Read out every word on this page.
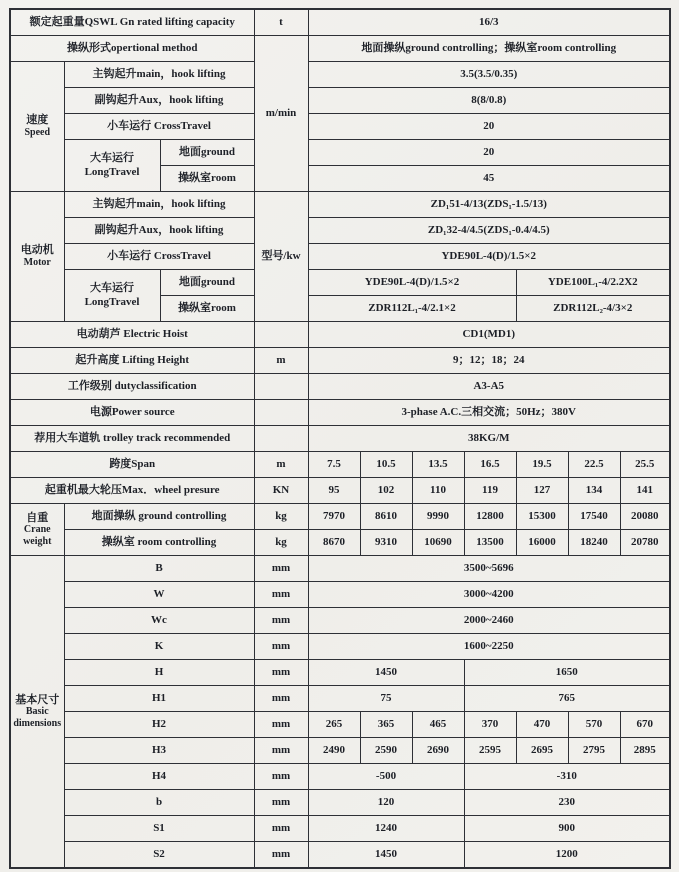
额定起重量QSWL Gn rated lifting capacity			t	16/3						
操纵形式opertional method			m/min	地面操纵ground controlling；操纵室room controlling						

速度
Speed	主钩起升main，hook lifting			3.5(3.5/0.35)						
	副钩起升Aux，hook lifting			8(8/0.8)						
	小车运行 CrossTravel			20						

	大车运行
LongTravel	地面ground		20						
		操纵室room		45						

电动机
Motor	主钩起升main，hook lifting		型号/kw	ZD₁51-4/13(ZDS₁-1.5/13)						
	副钩起升Aux，hook lifting			ZD₁32-4/4.5(ZDS₁-0.4/4.5)						
	小车运行 CrossTravel			YDE90L-4(D)/1.5×2						

	大车运行
LongTravel	地面ground		YDE90L-4(D)/1.5×2				YDE100L₁-4/2.2X2		
		操纵室room		ZDR112L₁-4/2.1×2				ZDR112L₂-4/3×2		
电动葫芦 Electric Hoist				CD1(MD1)						
起升高度 Lifting Height			m	9；12；18；24						
工作级别 dutyclassification				A3-A5						
电源Power source				3-phase A.C.三相交流；50Hz；380V						
荐用大车道轨 trolley track recommended				38KG/M						
跨度Span			m	7.5	10.5	13.5	16.5	19.5	22.5	25.5
起重机最大轮压Max．wheel presure			KN	95	102	110	119	127	134	141

自重
Crane weight	地面操纵 ground controlling		kg	7970	8610	9990	12800	15300	17540	20080
	操纵室 room controlling		kg	8670	9310	10690	13500	16000	18240	20780

基本尺寸
Basic dimensions	B		mm	3500~5696						
	W		mm	3000~4200						
	Wc		mm	2000~2460						
	K		mm	1600~2250						
	H		mm	1450			1650			
	H1		mm	75			765			
	H2		mm	265	365	465	370	470	570	670
	H3		mm	2490	2590	2690	2595	2695	2795	2895
	H4		mm	-500			-310			
	b		mm	120			230			
	S1		mm	1240			900			
	S2		mm	1450			1200			
